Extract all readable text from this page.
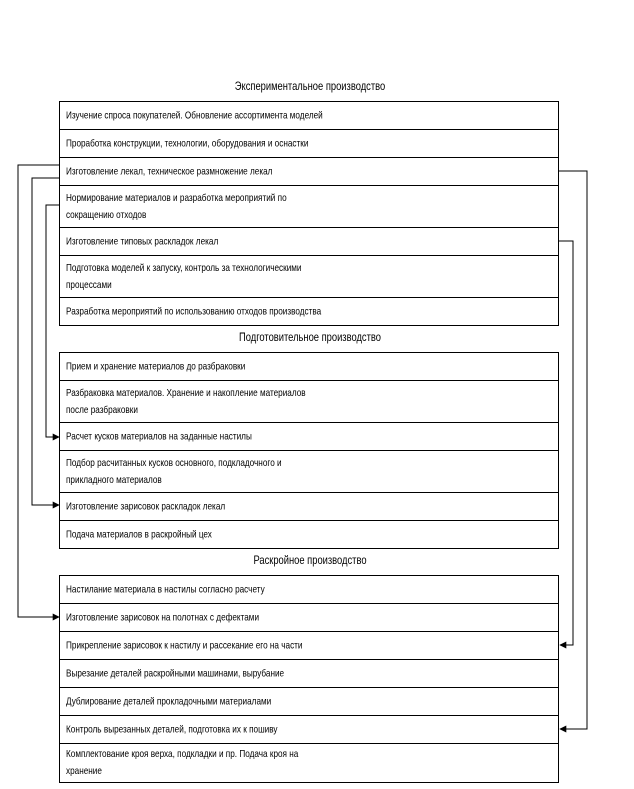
Экспериментальное производство
Изучение спроса покупателей. Обновление ассортимента моделей
Проработка конструкции, технологии, оборудования и оснастки
Изготовление лекал, техническое размножение лекал
Нормирование материалов и разработка мероприятий по сокращению отходов
Изготовление типовых раскладок лекал
Подготовка моделей к запуску, контроль за технологическими процессами
Разработка мероприятий по использованию отходов производства
Подготовительное производство
Прием и хранение материалов до разбраковки
Разбраковка материалов. Хранение и накопление материалов после разбраковки
Расчет кусков материалов на заданные настилы
Подбор расчитанных кусков основного, подкладочного и прикладного материалов
Изготовление зарисовок раскладок лекал
Подача материалов в раскройный цех
Раскройное производство
Настилание материала в настилы согласно расчету
Изготовление зарисовок на полотнах с дефектами
Прикрепление зарисовок к настилу и рассекание его на части
Вырезание деталей раскройными машинами, вырубание
Дублирование деталей прокладочными материалами
Контроль вырезанных деталей, подготовка их к пошиву
Комплектование кроя верха, подкладки и пр. Подача кроя на хранение
